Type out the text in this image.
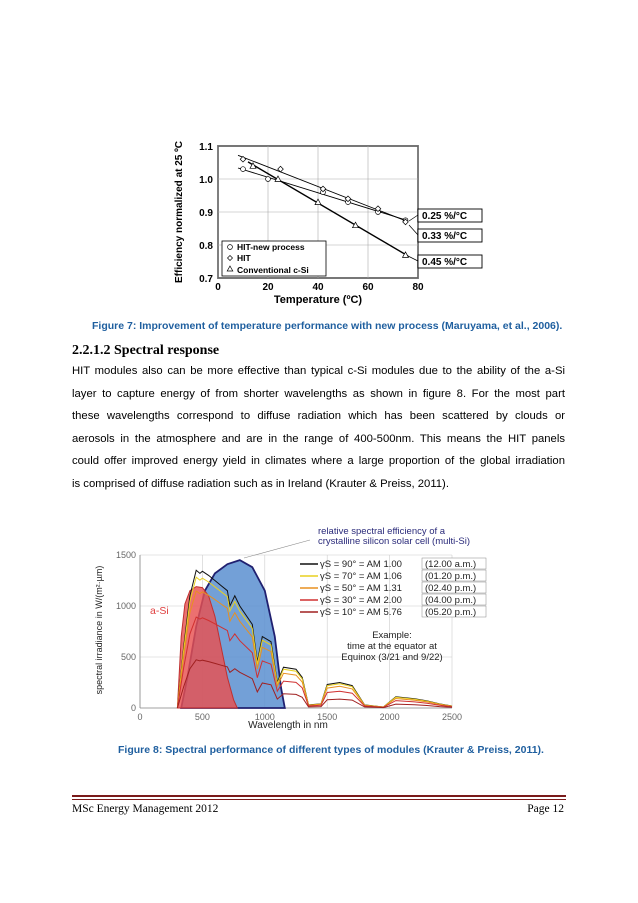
0	20	40	60	80
0.7
0.8
0.9
1.0
1.1
HIT-new process
HIT
Conventional c-Si
0.25 %/°C
0.33 %/°C
0.45 %/°C
Temperature (ºC)
Efficiency normalized at 25 ºC
Figure 7: Improvement of temperature performance with new process (Maruyama, et al., 2006).
2.2.1.2 Spectral response
HIT modules also can be more effective than typical c-Si modules due to the ability of the a-Si
layer to capture energy of from shorter wavelengths as shown in figure 8. For the most part
these wavelengths correspond to diffuse radiation which has been scattered by clouds or
aerosols in the atmosphere and are in the range of 400-500nm. This means the HIT panels
could offer improved energy yield in climates where a large proportion of the global irradiation
is comprised of diffuse radiation such as in Ireland (Krauter & Preiss, 2011).
0
500
1000
1500
0	500	1000	1500	2000	2500
a-Si
relative spectral efficiency of a
crystalline silicon solar cell (multi-Si)
γS = 90° = AM 1.00 (12.00 a.m.)
γS = 70° = AM 1.06 (01.20 p.m.)
γS = 50° = AM 1.31 (02.40 p.m.)
γS = 30° = AM 2.00 (04.00 p.m.)
γS = 10° = AM 5.76 (05.20 p.m.)
Example:
time at the equator at
Equinox (3/21 and 9/22)
Wavelength in nm
spectral irradiance in W/(m²·µm)
Figure 8: Spectral performance of different types of modules (Krauter & Preiss, 2011).
MSc Energy Management 2012	Page 12
